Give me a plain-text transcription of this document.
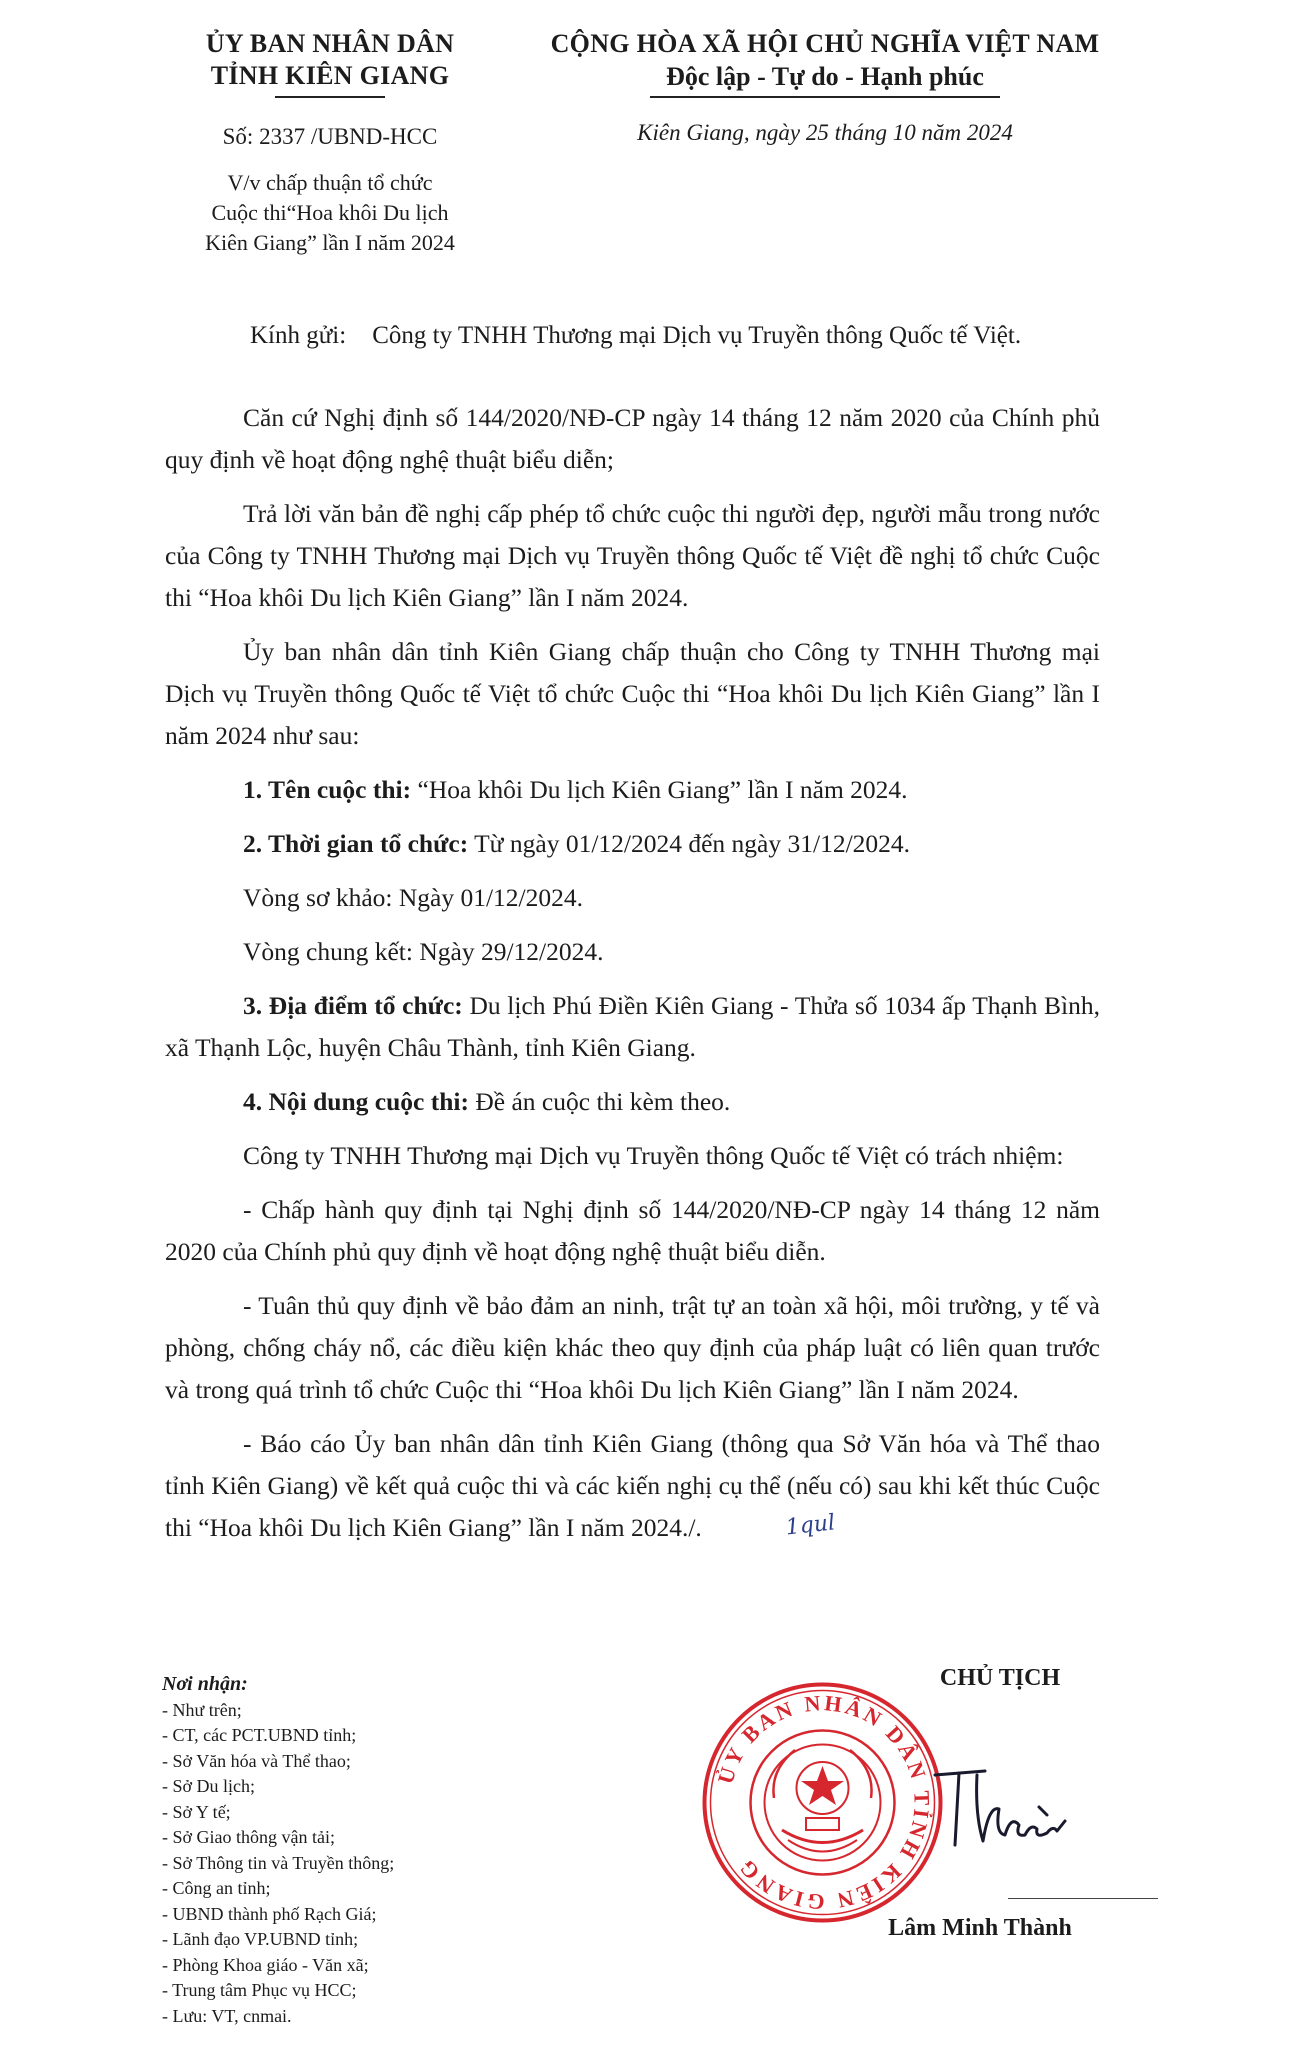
ỦY BAN NHÂN DÂN
TỈNH KIÊN GIANG
Số: 2337 /UBND-HCC
V/v chấp thuận tổ chức
Cuộc thi“Hoa khôi Du lịch
Kiên Giang” lần I năm 2024
CỘNG HÒA XÃ HỘI CHỦ NGHĨA VIỆT NAM
Độc lập - Tự do - Hạnh phúc
Kiên Giang, ngày 25 tháng 10 năm 2024
Kính gửi: Công ty TNHH Thương mại Dịch vụ Truyền thông Quốc tế Việt.

Căn cứ Nghị định số 144/2020/NĐ-CP ngày 14 tháng 12 năm 2020 của Chính phủ quy định về hoạt động nghệ thuật biểu diễn;

Trả lời văn bản đề nghị cấp phép tổ chức cuộc thi người đẹp, người mẫu trong nước của Công ty TNHH Thương mại Dịch vụ Truyền thông Quốc tế Việt đề nghị tổ chức Cuộc thi “Hoa khôi Du lịch Kiên Giang” lần I năm 2024.

Ủy ban nhân dân tỉnh Kiên Giang chấp thuận cho Công ty TNHH Thương mại Dịch vụ Truyền thông Quốc tế Việt tổ chức Cuộc thi “Hoa khôi Du lịch Kiên Giang” lần I năm 2024 như sau:

1. Tên cuộc thi: “Hoa khôi Du lịch Kiên Giang” lần I năm 2024.

2. Thời gian tổ chức: Từ ngày 01/12/2024 đến ngày 31/12/2024.

Vòng sơ khảo: Ngày 01/12/2024.

Vòng chung kết: Ngày 29/12/2024.

3. Địa điểm tổ chức: Du lịch Phú Điền Kiên Giang - Thửa số 1034 ấp Thạnh Bình, xã Thạnh Lộc, huyện Châu Thành, tỉnh Kiên Giang.

4. Nội dung cuộc thi: Đề án cuộc thi kèm theo.

Công ty TNHH Thương mại Dịch vụ Truyền thông Quốc tế Việt có trách nhiệm:

- Chấp hành quy định tại Nghị định số 144/2020/NĐ-CP ngày 14 tháng 12 năm 2020 của Chính phủ quy định về hoạt động nghệ thuật biểu diễn.

- Tuân thủ quy định về bảo đảm an ninh, trật tự an toàn xã hội, môi trường, y tế và phòng, chống cháy nổ, các điều kiện khác theo quy định của pháp luật có liên quan trước và trong quá trình tổ chức Cuộc thi “Hoa khôi Du lịch Kiên Giang” lần I năm 2024.

- Báo cáo Ủy ban nhân dân tỉnh Kiên Giang (thông qua Sở Văn hóa và Thể thao tỉnh Kiên Giang) về kết quả cuộc thi và các kiến nghị cụ thể (nếu có) sau khi kết thúc Cuộc thi “Hoa khôi Du lịch Kiên Giang” lần I năm 2024./.	1qul

Nơi nhận:
- Như trên;
- CT, các PCT.UBND tỉnh;
- Sở Văn hóa và Thể thao;
- Sở Du lịch;
- Sở Y tế;
- Sở Giao thông vận tải;
- Sở Thông tin và Truyền thông;
- Công an tỉnh;
- UBND thành phố Rạch Giá;
- Lãnh đạo VP.UBND tỉnh;
- Phòng Khoa giáo - Văn xã;
- Trung tâm Phục vụ HCC;
- Lưu: VT, cnmai.
CHỦ TỊCH
ỦY BAN NHÂN DÂN TỈNH KIÊN GIANG
Lâm Minh Thành
